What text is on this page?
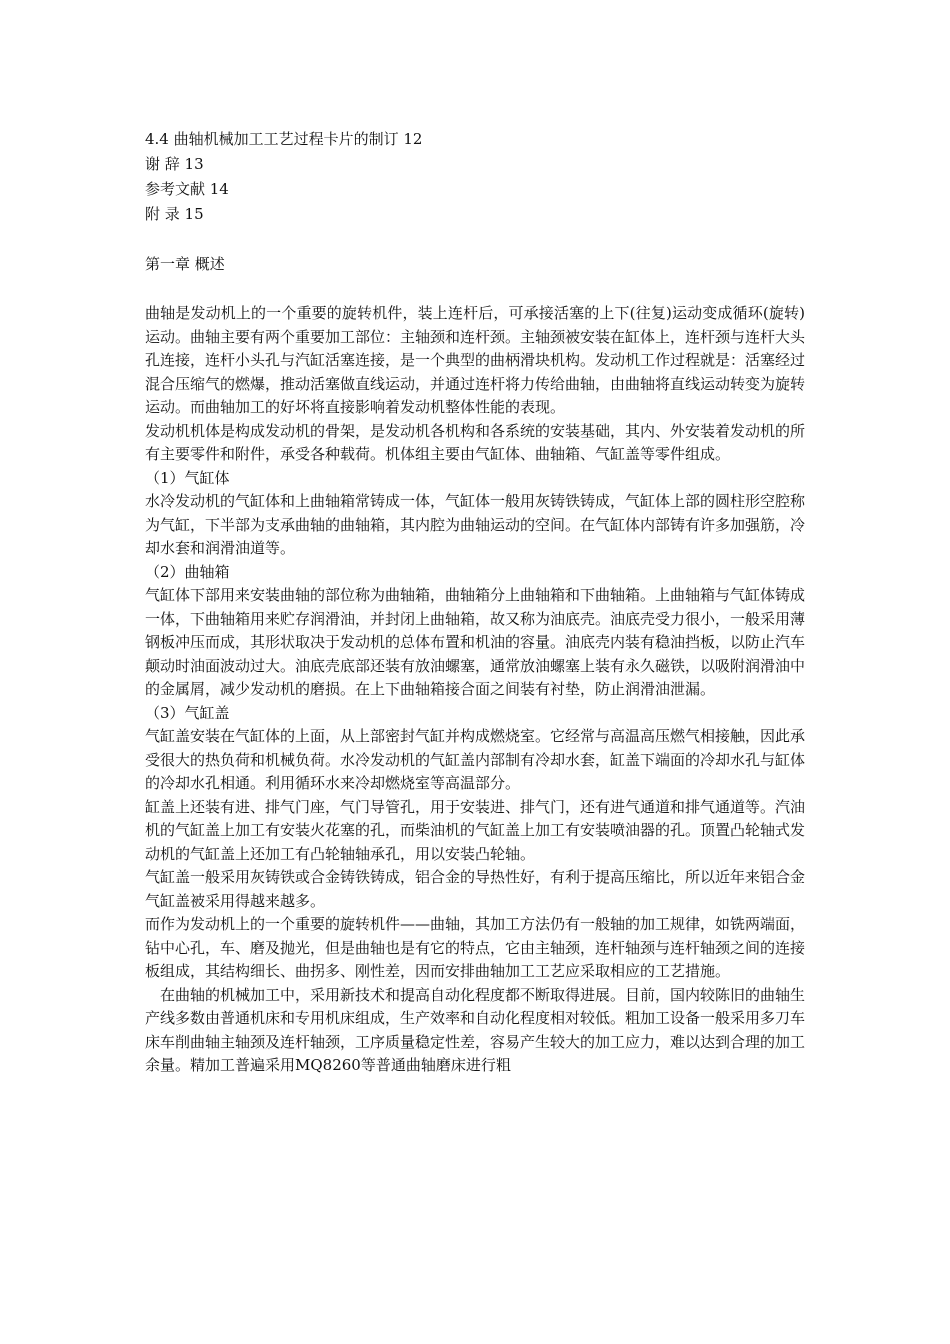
4.4 曲轴机械加工工艺过程卡片的制订 12
谢 辞 13
参考文献 14
附 录 15
第一章 概述

曲轴是发动机上的一个重要的旋转机件，装上连杆后，可承接活塞的上下(往复)运动变成循环(旋转)运动。曲轴主要有两个重要加工部位：主轴颈和连杆颈。主轴颈被安装在缸体上，连杆颈与连杆大头孔连接，连杆小头孔与汽缸活塞连接，是一个典型的曲柄滑块机构。发动机工作过程就是：活塞经过混合压缩气的燃爆，推动活塞做直线运动，并通过连杆将力传给曲轴，由曲轴将直线运动转变为旋转运动。而曲轴加工的好坏将直接影响着发动机整体性能的表现。

发动机机体是构成发动机的骨架，是发动机各机构和各系统的安装基础，其内、外安装着发动机的所有主要零件和附件，承受各种载荷。机体组主要由气缸体、曲轴箱、气缸盖等零件组成。

（1）气缸体

水冷发动机的气缸体和上曲轴箱常铸成一体，气缸体一般用灰铸铁铸成，气缸体上部的圆柱形空腔称为气缸，下半部为支承曲轴的曲轴箱，其内腔为曲轴运动的空间。在气缸体内部铸有许多加强筋，冷却水套和润滑油道等。

（2）曲轴箱

气缸体下部用来安装曲轴的部位称为曲轴箱，曲轴箱分上曲轴箱和下曲轴箱。上曲轴箱与气缸体铸成一体，下曲轴箱用来贮存润滑油，并封闭上曲轴箱，故又称为油底壳。油底壳受力很小，一般采用薄钢板冲压而成，其形状取决于发动机的总体布置和机油的容量。油底壳内装有稳油挡板，以防止汽车颠动时油面波动过大。油底壳底部还装有放油螺塞，通常放油螺塞上装有永久磁铁，以吸附润滑油中的金属屑，减少发动机的磨损。在上下曲轴箱接合面之间装有衬垫，防止润滑油泄漏。

（3）气缸盖

气缸盖安装在气缸体的上面，从上部密封气缸并构成燃烧室。它经常与高温高压燃气相接触，因此承受很大的热负荷和机械负荷。水冷发动机的气缸盖内部制有冷却水套，缸盖下端面的冷却水孔与缸体的冷却水孔相通。利用循环水来冷却燃烧室等高温部分。

缸盖上还装有进、排气门座，气门导管孔，用于安装进、排气门，还有进气通道和排气通道等。汽油机的气缸盖上加工有安装火花塞的孔，而柴油机的气缸盖上加工有安装喷油器的孔。顶置凸轮轴式发动机的气缸盖上还加工有凸轮轴轴承孔，用以安装凸轮轴。

气缸盖一般采用灰铸铁或合金铸铁铸成，铝合金的导热性好，有利于提高压缩比，所以近年来铝合金气缸盖被采用得越来越多。

而作为发动机上的一个重要的旋转机件——曲轴，其加工方法仍有一般轴的加工规律，如铣两端面，钻中心孔，车、磨及抛光，但是曲轴也是有它的特点，它由主轴颈，连杆轴颈与连杆轴颈之间的连接板组成，其结构细长、曲拐多、刚性差，因而安排曲轴加工工艺应采取相应的工艺措施。

在曲轴的机械加工中，采用新技术和提高自动化程度都不断取得进展。目前，国内较陈旧的曲轴生产线多数由普通机床和专用机床组成，生产效率和自动化程度相对较低。粗加工设备一般采用多刀车床车削曲轴主轴颈及连杆轴颈，工序质量稳定性差，容易产生较大的加工应力，难以达到合理的加工余量。精加工普遍采用MQ8260等普通曲轴磨床进行粗
